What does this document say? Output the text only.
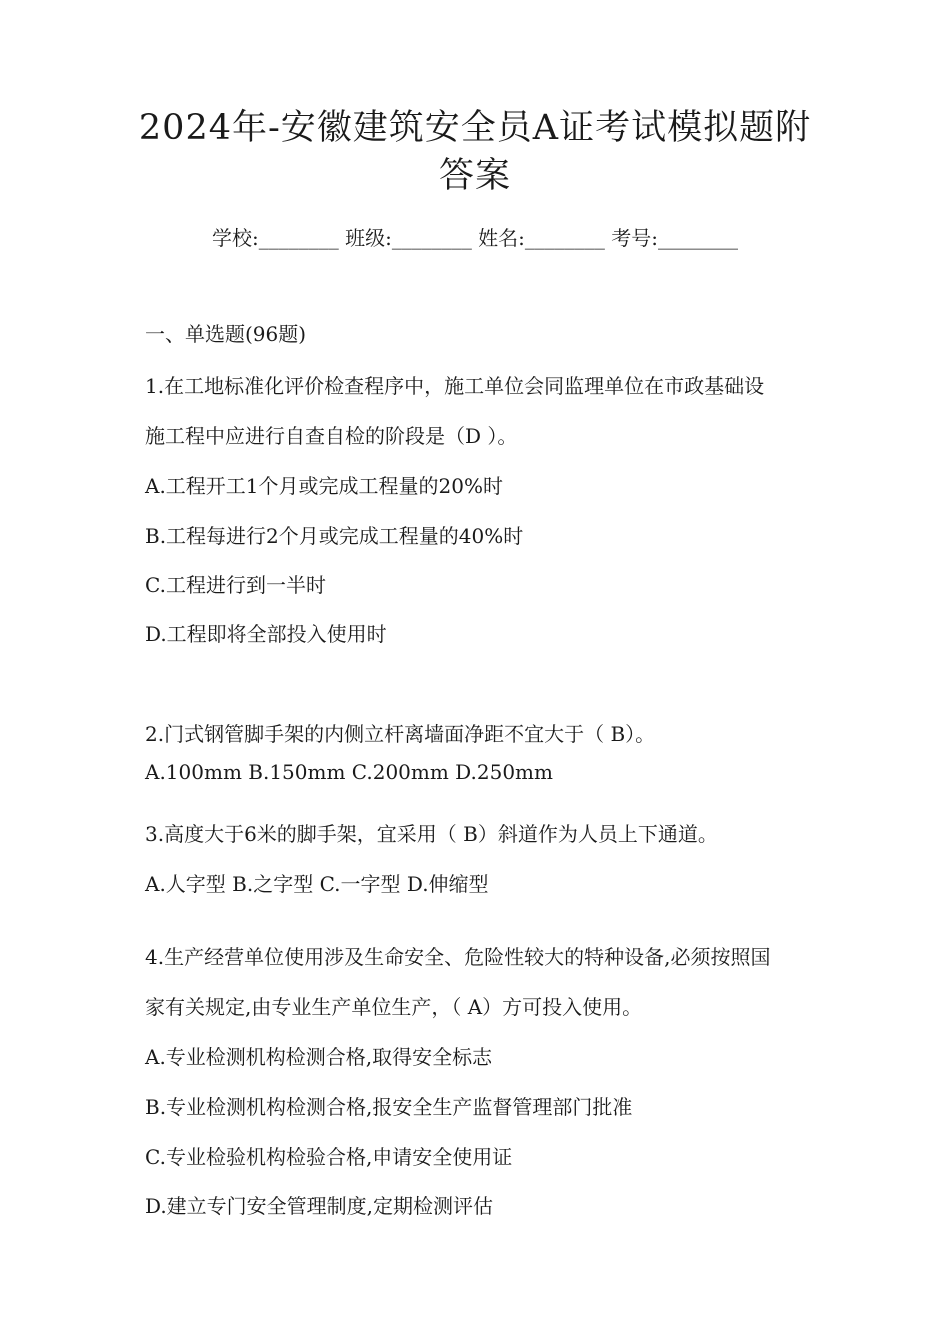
2024年-安徽建筑安全员A证考试模拟题附
答案
学校:________ 班级:________ 姓名:________ 考号:________
一、单选题(96题)
1.在工地标准化评价检查程序中，施工单位会同监理单位在市政基础设
施工程中应进行自查自检的阶段是（D ）。
A.工程开工1个月或完成工程量的20%时
B.工程每进行2个月或完成工程量的40%时
C.工程进行到一半时
D.工程即将全部投入使用时
2.门式钢管脚手架的内侧立杆离墙面净距不宜大于（ B）。
A.100mm B.150mm C.200mm D.250mm
3.高度大于6米的脚手架，宜采用（ B）斜道作为人员上下通道。
A.人字型 B.之字型 C.一字型 D.伸缩型
4.生产经营单位使用涉及生命安全、危险性较大的特种设备,必须按照国
家有关规定,由专业生产单位生产，（ A）方可投入使用。
A.专业检测机构检测合格,取得安全标志
B.专业检测机构检测合格,报安全生产监督管理部门批准
C.专业检验机构检验合格,申请安全使用证
D.建立专门安全管理制度,定期检测评估
